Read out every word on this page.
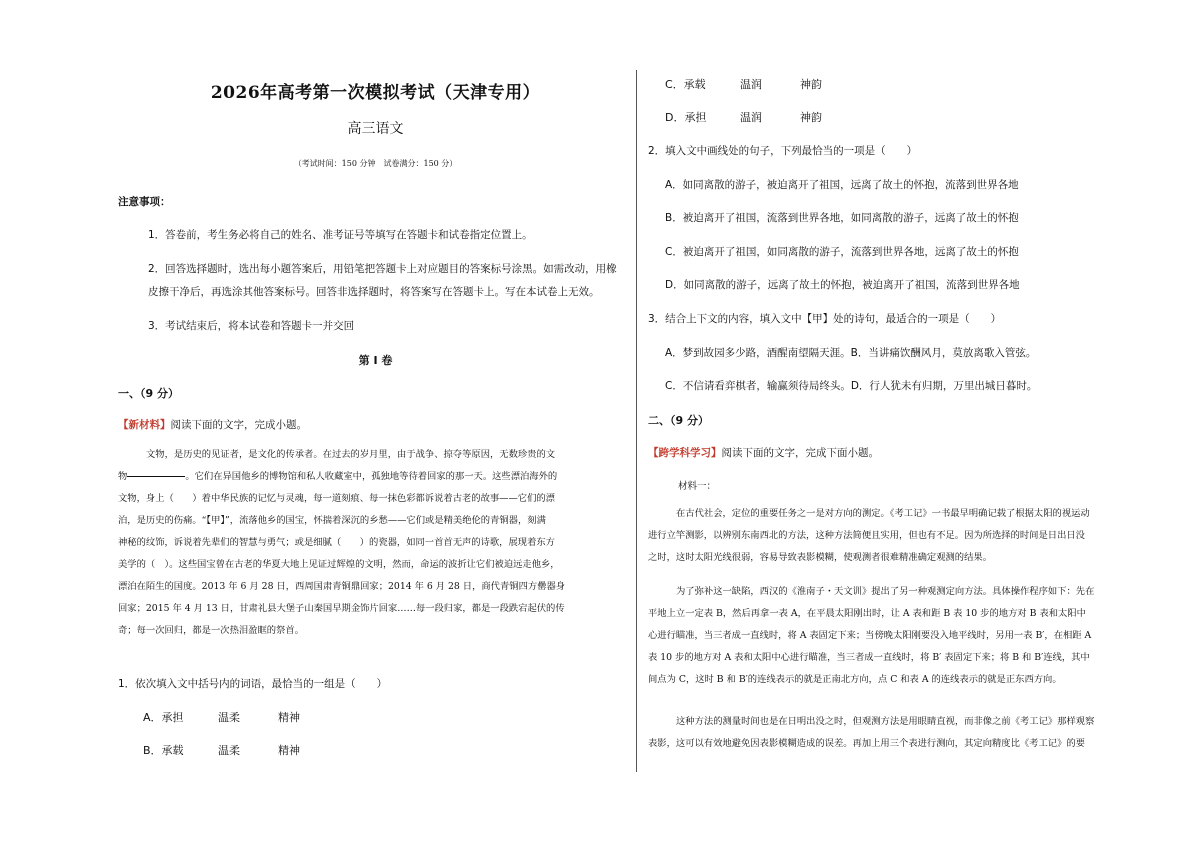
2026年高考第一次模拟考试（天津专用）
高三语文
（考试时间：150 分钟　试卷满分：150 分）
注意事项：
1．答卷前，考生务必将自己的姓名、准考证号等填写在答题卡和试卷指定位置上。
2．回答选择题时，选出每小题答案后，用铅笔把答题卡上对应题目的答案标号涂黑。如需改动，用橡
皮擦干净后，再选涂其他答案标号。回答非选择题时，将答案写在答题卡上。写在本试卷上无效。
3．考试结束后，将本试卷和答题卡一并交回
第 I 卷
一、（9 分）
【新材料】阅读下面的文字，完成小题。
文物，是历史的见证者，是文化的传承者。在过去的岁月里，由于战争、掠夺等原因，无数珍贵的文
物	。它们在异国他乡的博物馆和私人收藏室中，孤独地等待着回家的那一天。这些漂泊海外的
文物，身上（　　）着中华民族的记忆与灵魂，每一道刻痕、每一抹色彩都诉说着古老的故事——它们的漂
泊，是历史的伤痛。“【甲】”，流落他乡的国宝，怀揣着深沉的乡愁——它们或是精美绝伦的青铜器，刻满
神秘的纹饰，诉说着先辈们的智慧与勇气；或是细腻（　　）的瓷器，如同一首首无声的诗歌，展现着东方
美学的（　）。这些国宝曾在古老的华夏大地上见证过辉煌的文明，然而，命运的波折让它们被迫远走他乡，
漂泊在陌生的国度。2013 年 6 月 28 日，西周国肃青铜鼎回家；2014 年 6 月 28 日，商代青铜四方罍器身
回家；2015 年 4 月 13 日，甘肃礼县大堡子山秦国早期金饰片回家……每一段归家，都是一段跌宕起伏的传
奇；每一次回归，都是一次热泪盈眶的祭首。
1．依次填入文中括号内的词语，最恰当的一组是（　　）
A．承担	温柔	精神
B．承载	温柔	精神
C．承载	温润	神韵
D．承担	温润	神韵
2．填入文中画线处的句子，下列最恰当的一项是（　　）
A．如同离散的游子，被迫离开了祖国，远离了故土的怀抱，流落到世界各地
B．被迫离开了祖国，流落到世界各地，如同离散的游子，远离了故土的怀抱
C．被迫离开了祖国，如同离散的游子，流落到世界各地，远离了故土的怀抱
D．如同离散的游子，远离了故土的怀抱，被迫离开了祖国，流落到世界各地
3．结合上下文的内容，填入文中【甲】处的诗句，最适合的一项是（　　）
A．梦到故园多少路，酒醒南望隔天涯。B．当讲痛饮酬风月，莫放离歌入管弦。
C．不信请看弈棋者，输赢须待局终头。D．行人犹未有归期，万里出城日暮时。
二、（9 分）
【跨学科学习】阅读下面的文字，完成下面小题。
材料一：
在古代社会，定位的重要任务之一是对方向的测定。《考工记》一书最早明确记载了根据太阳的视运动
进行立竿测影，以辨别东南西北的方法，这种方法简便且实用，但也有不足。因为所选择的时间是日出日没
之时，这时太阳光线很弱，容易导致表影模糊，使观测者很难精准确定观测的结果。
为了弥补这一缺陷，西汉的《淮南子・天文训》提出了另一种观测定向方法。具体操作程序如下：先在
平地上立一定表 B，然后再拿一表 A，在平晨太阳刚出时，让 A 表和距 B 表 10 步的地方对 B 表和太阳中
心进行瞄准，当三者成一直线时，将 A 表固定下来；当傍晚太阳刚要没入地平线时，另用一表 B′，在相距 A
表 10 步的地方对 A 表和太阳中心进行瞄准，当三者成一直线时，将 B′ 表固定下来；将 B 和 B′连线，其中
间点为 C，这时 B 和 B′的连线表示的就是正南北方向，点 C 和表 A 的连线表示的就是正东西方向。
这种方法的测量时间也是在日明出没之时，但观测方法是用眼睛直视，而非像之前《考工记》那样观察
表影，这可以有效地避免因表影模糊造成的误差。再加上用三个表进行测向，其定向精度比《考工记》的要
